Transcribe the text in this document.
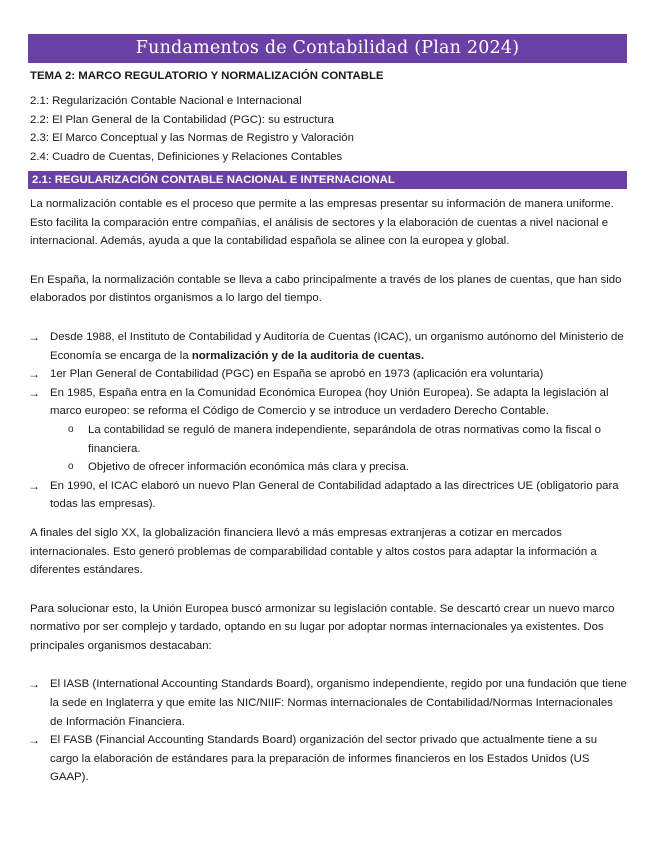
Fundamentos de Contabilidad (Plan 2024)
TEMA 2: MARCO REGULATORIO Y NORMALIZACIÓN CONTABLE
2.1: Regularización Contable Nacional e Internacional
2.2: El Plan General de la Contabilidad (PGC): su estructura
2.3: El Marco Conceptual y las Normas de Registro y Valoración
2.4: Cuadro de Cuentas, Definiciones y Relaciones Contables
2.1: REGULARIZACIÓN CONTABLE NACIONAL E INTERNACIONAL

La normalización contable es el proceso que permite a las empresas presentar su información de manera uniforme. Esto facilita la comparación entre compañías, el análisis de sectores y la elaboración de cuentas a nivel nacional e internacional. Además, ayuda a que la contabilidad española se alinee con la europea y global.

En España, la normalización contable se lleva a cabo principalmente a través de los planes de cuentas, que han sido elaborados por distintos organismos a lo largo del tiempo.

→ Desde 1988, el Instituto de Contabilidad y Auditoría de Cuentas (ICAC), un organismo autónomo del Ministerio de Economía se encarga de la normalización y de la auditoria de cuentas.
→ 1er Plan General de Contabilidad (PGC) en España se aprobó en 1973 (aplicación era voluntaria)
→ En 1985, España entra en la Comunidad Económica Europea (hoy Unión Europea). Se adapta la legislación al marco europeo: se reforma el Código de Comercio y se introduce un verdadero Derecho Contable.
o La contabilidad se reguló de manera independiente, separándola de otras normativas como la fiscal o financiera.
o Objetivo de ofrecer información económica más clara y precisa.
→ En 1990, el ICAC elaboró un nuevo Plan General de Contabilidad adaptado a las directrices UE (obligatorio para todas las empresas).

A finales del siglo XX, la globalización financiera llevó a más empresas extranjeras a cotizar en mercados internacionales. Esto generó problemas de comparabilidad contable y altos costos para adaptar la información a diferentes estándares.

Para solucionar esto, la Unión Europea buscó armonizar su legislación contable. Se descartó crear un nuevo marco normativo por ser complejo y tardado, optando en su lugar por adoptar normas internacionales ya existentes. Dos principales organismos destacaban:

→ El IASB (International Accounting Standards Board), organismo independiente, regido por una fundación que tiene la sede en Inglaterra y que emite las NIC/NIIF: Normas internacionales de Contabilidad/Normas Internacionales de Información Financiera.
→ El FASB (Financial Accounting Standards Board) organización del sector privado que actualmente tiene a su cargo la elaboración de estándares para la preparación de informes financieros en los Estados Unidos (US GAAP).
